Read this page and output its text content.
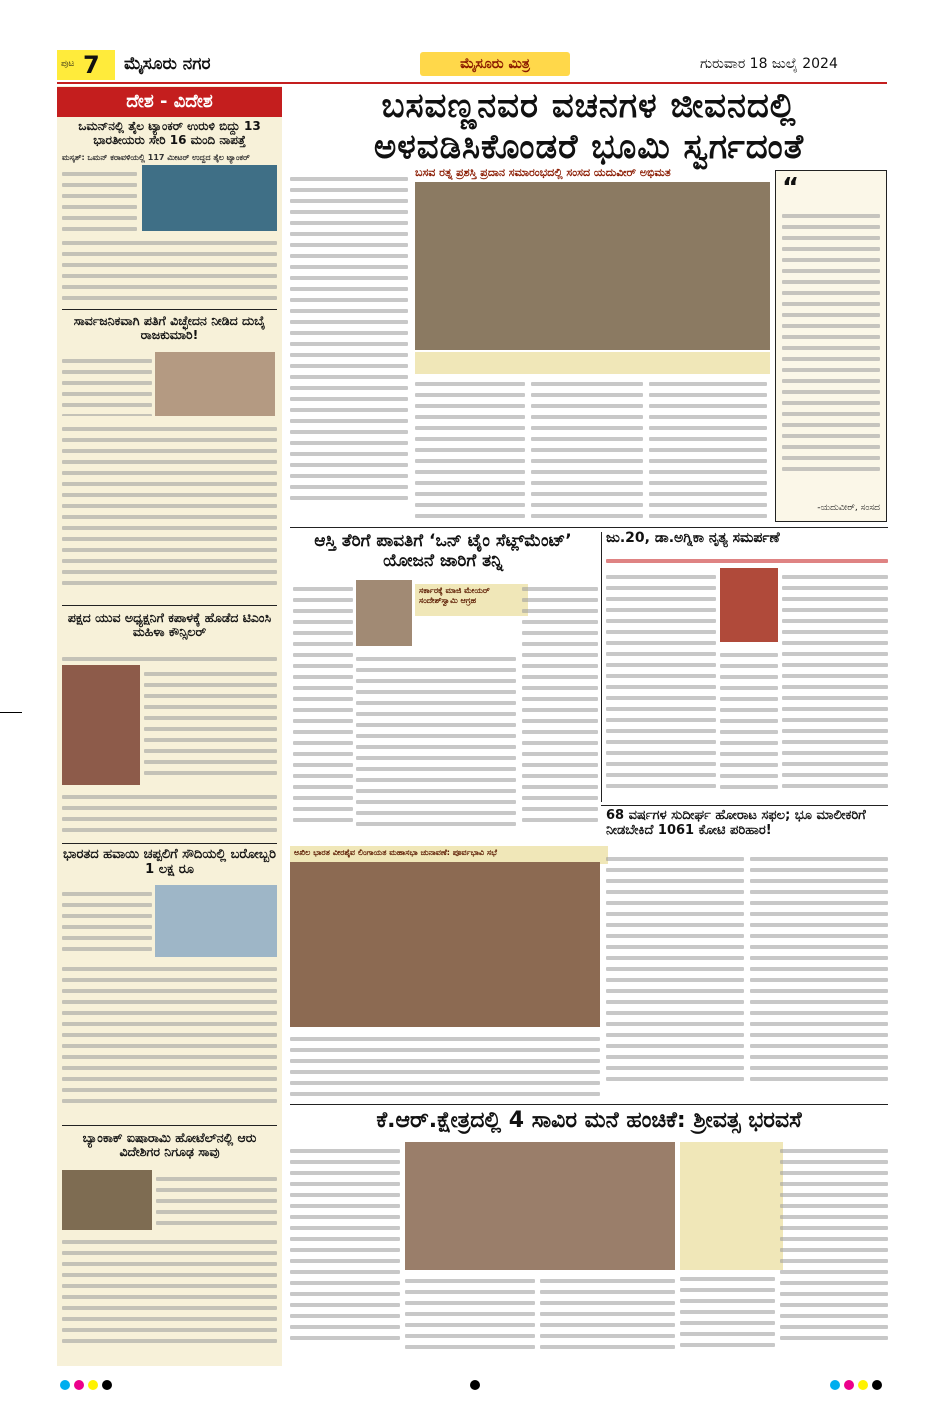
ಪುಟ 7 ಮೈಸೂರು ನಗರ	ಮೈಸೂರು ಮಿತ್ರ	ಗುರುವಾರ 18 ಜುಲೈ 2024
ದೇಶ - ವಿದೇಶ
ಒಮನ್‌ನಲ್ಲಿ ತೈಲ ಟ್ಯಾಂಕರ್ ಉರುಳಿ ಬಿದ್ದು 13 ಭಾರತೀಯರು ಸೇರಿ 16 ಮಂದಿ ನಾಪತ್ತೆ
ಮಸ್ಕತ್: ಒಮನ್ ಕರಾವಳಿಯಲ್ಲಿ 117 ಮೀಟರ್ ಉದ್ದದ ತೈಲ ಟ್ಯಾಂಕರ್
ಸಾರ್ವಜನಿಕವಾಗಿ ಪತಿಗೆ ವಿಚ್ಛೇದನ ನೀಡಿದ ದುಬೈ ರಾಜಕುಮಾರಿ!
ಪಕ್ಷದ ಯುವ ಅಧ್ಯಕ್ಷನಿಗೆ ಕಪಾಳಕ್ಕೆ ಹೊಡೆದ ಟಿಎಂಸಿ ಮಹಿಳಾ ಕೌನ್ಸಿಲರ್
ಭಾರತದ ಹವಾಯಿ ಚಪ್ಪಲಿಗೆ ಸೌದಿಯಲ್ಲಿ ಬರೋಬ್ಬರಿ 1 ಲಕ್ಷ ರೂ
ಬ್ಯಾಂಕಾಕ್ ಐಷಾರಾಮಿ ಹೋಟೆಲ್‌ನಲ್ಲಿ ಆರು ವಿದೇಶಿಗರ ನಿಗೂಢ ಸಾವು
ಬಸವಣ್ಣನವರ ವಚನಗಳ ಜೀವನದಲ್ಲಿ
ಅಳವಡಿಸಿಕೊಂಡರೆ ಭೂಮಿ ಸ್ವರ್ಗದಂತೆ
ಬಸವ ರತ್ನ ಪ್ರಶಸ್ತಿ ಪ್ರದಾನ ಸಮಾರಂಭದಲ್ಲಿ ಸಂಸದ ಯದುವೀರ್ ಅಭಿಮತ
“
-ಯದುವೀರ್, ಸಂಸದ
ಆಸ್ತಿ ತೆರಿಗೆ ಪಾವತಿಗೆ ‘ಒನ್ ಟೈಂ ಸೆಟ್ಲ್‌ಮೆಂಟ್’ ಯೋಜನೆ ಜಾರಿಗೆ ತನ್ನಿ
ಸರ್ಕಾರಕ್ಕೆ ಮಾಜಿ ಮೇಯರ್ ಸಂದೇಶ್‌ಸ್ವಾಮಿ ಆಗ್ರಹ
ಜು.20, ಡಾ.ಅಗ್ನಿಕಾ ನೃತ್ಯ ಸಮರ್ಪಣೆ
ಅಖಿಲ ಭಾರತ ವೀರಶೈವ ಲಿಂಗಾಯತ ಮಹಾಸಭಾ ಚುನಾವಣೆ: ಪೂರ್ವಭಾವಿ ಸಭೆ
68 ವರ್ಷಗಳ ಸುದೀರ್ಘ ಹೋರಾಟ ಸಫಲ; ಭೂ ಮಾಲೀಕರಿಗೆ ನೀಡಬೇಕಿದೆ 1061 ಕೋಟಿ ಪರಿಹಾರ!
ಕೆ.ಆರ್.ಕ್ಷೇತ್ರದಲ್ಲಿ 4 ಸಾವಿರ ಮನೆ ಹಂಚಿಕೆ: ಶ್ರೀವತ್ಸ ಭರವಸೆ
